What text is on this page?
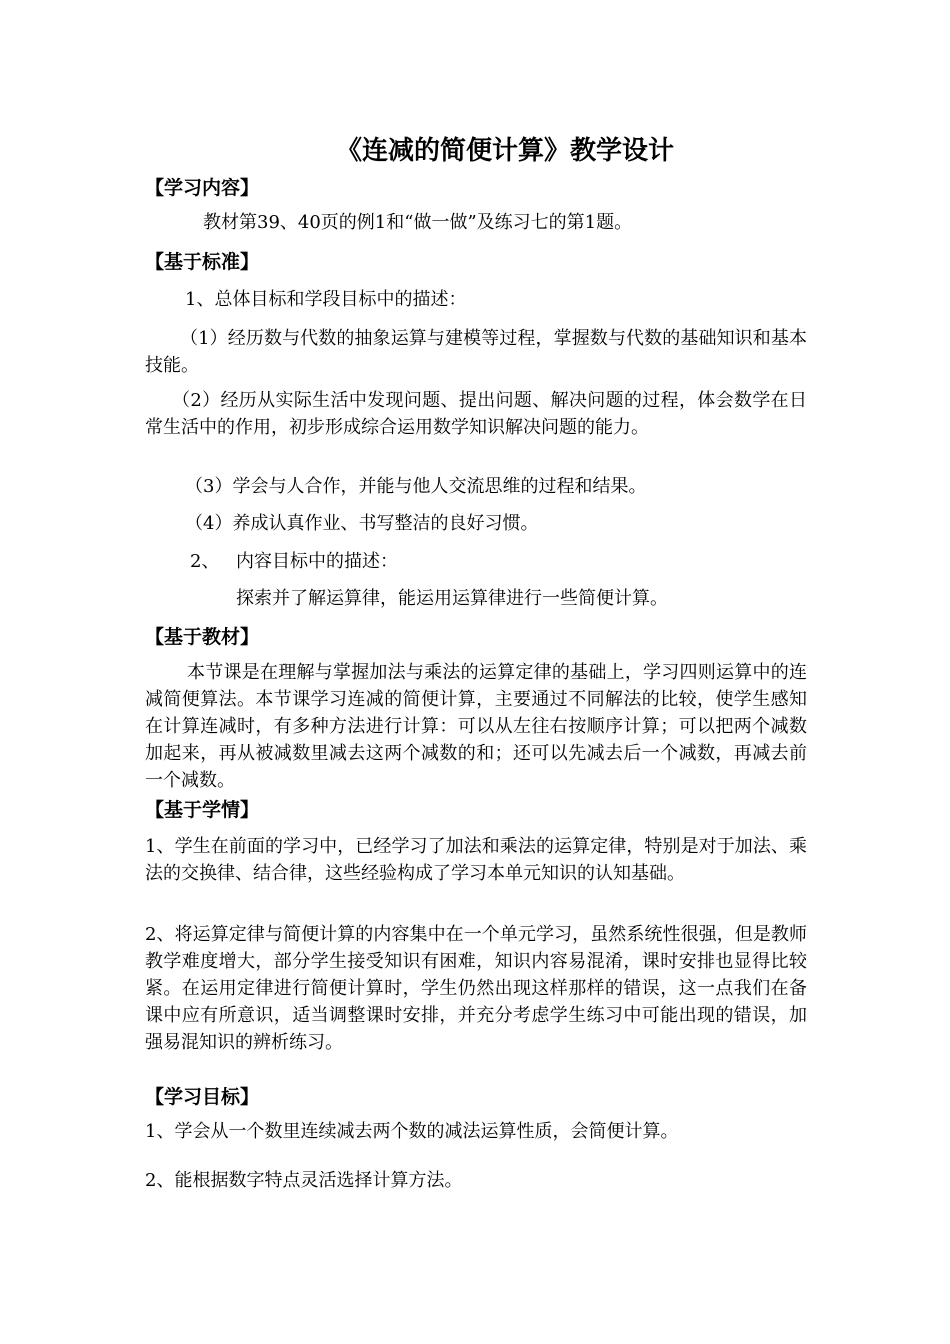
《连减的简便计算》教学设计
【学习内容】
教材第39、40页的例1和“做一做”及练习七的第1题。
【基于标准】
1、总体目标和学段目标中的描述：
（1）经历数与代数的抽象运算与建模等过程，掌握数与代数的基础知识和基本技能。
（2）经历从实际生活中发现问题、提出问题、解决问题的过程，体会数学在日常生活中的作用，初步形成综合运用数学知识解决问题的能力。
（3）学会与人合作，并能与他人交流思维的过程和结果。
（4）养成认真作业、书写整洁的良好习惯。
2、 内容目标中的描述：
探索并了解运算律，能运用运算律进行一些简便计算。
【基于教材】
本节课是在理解与掌握加法与乘法的运算定律的基础上，学习四则运算中的连减简便算法。本节课学习连减的简便计算，主要通过不同解法的比较，使学生感知在计算连减时，有多种方法进行计算：可以从左往右按顺序计算；可以把两个减数加起来，再从被减数里减去这两个减数的和；还可以先减去后一个减数，再减去前一个减数。
【基于学情】
1、学生在前面的学习中，已经学习了加法和乘法的运算定律，特别是对于加法、乘法的交换律、结合律，这些经验构成了学习本单元知识的认知基础。
2、将运算定律与简便计算的内容集中在一个单元学习，虽然系统性很强，但是教师教学难度增大，部分学生接受知识有困难，知识内容易混淆，课时安排也显得比较紧。在运用定律进行简便计算时，学生仍然出现这样那样的错误，这一点我们在备课中应有所意识，适当调整课时安排，并充分考虑学生练习中可能出现的错误，加强易混知识的辨析练习。
【学习目标】
1、学会从一个数里连续减去两个数的减法运算性质，会简便计算。
2、能根据数字特点灵活选择计算方法。
